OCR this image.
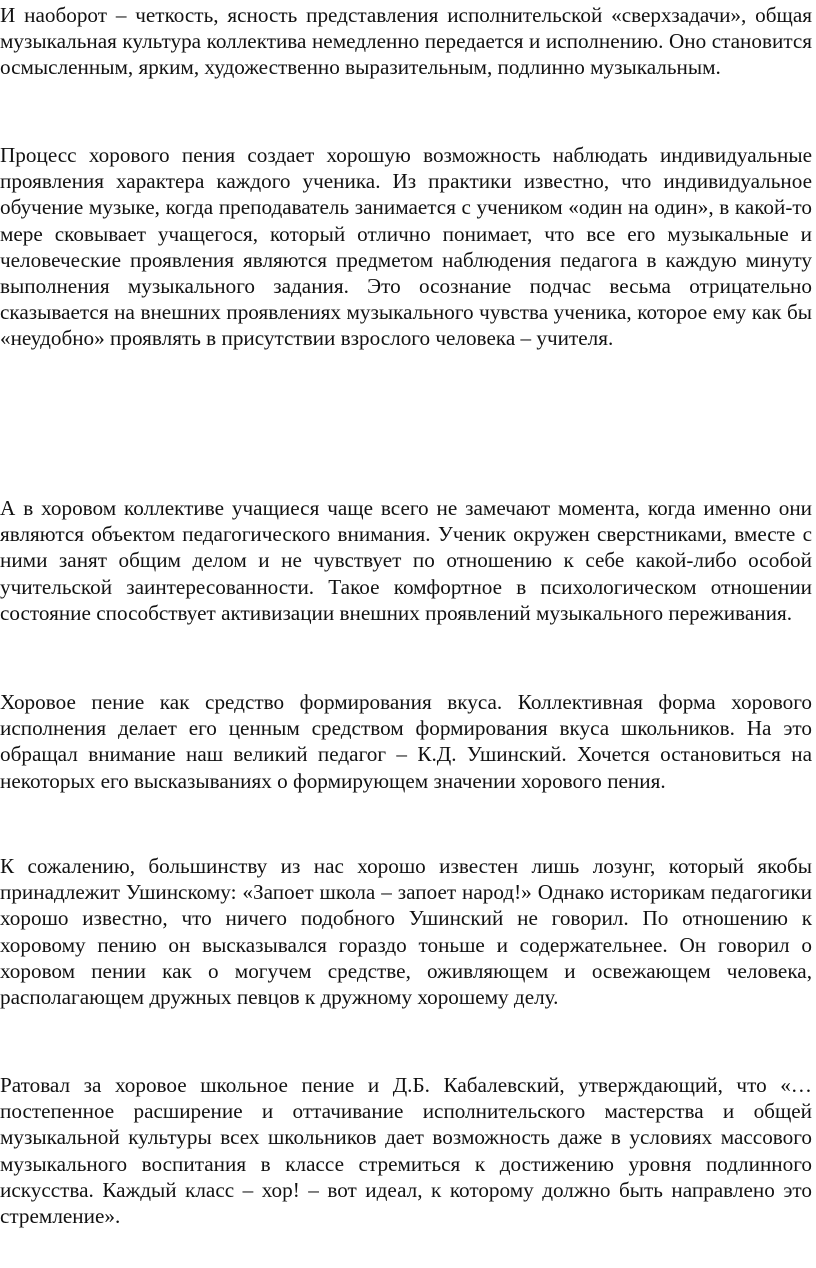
И наоборот – четкость, ясность представления исполнительской «сверхзадачи», общая музыкальная культура коллектива немедленно передается и исполнению. Оно становится осмысленным, ярким, художественно выразительным, подлинно музыкальным.

Процесс хорового пения создает хорошую возможность наблюдать индивидуальные проявления характера каждого ученика. Из практики известно, что индивидуальное обучение музыке, когда преподаватель занимается с учеником «один на один», в какой-то мере сковывает учащегося, который отлично понимает, что все его музыкальные и человеческие проявления являются предметом наблюдения педагога в каждую минуту выполнения музыкального задания. Это осознание подчас весьма отрицательно сказывается на внешних проявлениях музыкального чувства ученика, которое ему как бы «неудобно» проявлять в присутствии взрослого человека – учителя.

А в хоровом коллективе учащиеся чаще всего не замечают момента, когда именно они являются объектом педагогического внимания. Ученик окружен сверстниками, вместе с ними занят общим делом и не чувствует по отношению к себе какой-либо особой учительской заинтересованности. Такое комфортное в психологическом отношении состояние способствует активизации внешних проявлений музыкального переживания.

Хоровое пение как средство формирования вкуса. Коллективная форма хорового исполнения делает его ценным средством формирования вкуса школьников. На это обращал внимание наш великий педагог – К.Д. Ушинский. Хочется остановиться на некоторых его высказываниях о формирующем значении хорового пения.

К сожалению, большинству из нас хорошо известен лишь лозунг, который якобы принадлежит Ушинскому: «Запоет школа – запоет народ!» Однако историкам педагогики хорошо известно, что ничего подобного Ушинский не говорил. По отношению к хоровому пению он высказывался гораздо тоньше и содержательнее. Он говорил о хоровом пении как о могучем средстве, оживляющем и освежающем человека, располагающем дружных певцов к дружному хорошему делу.

Ратовал за хоровое школьное пение и Д.Б. Кабалевский, утверждающий, что «…постепенное расширение и оттачивание исполнительского мастерства и общей музыкальной культуры всех школьников дает возможность даже в условиях массового музыкального воспитания в классе стремиться к достижению уровня подлинного искусства. Каждый класс – хор! – вот идеал, к которому должно быть направлено это стремление».
